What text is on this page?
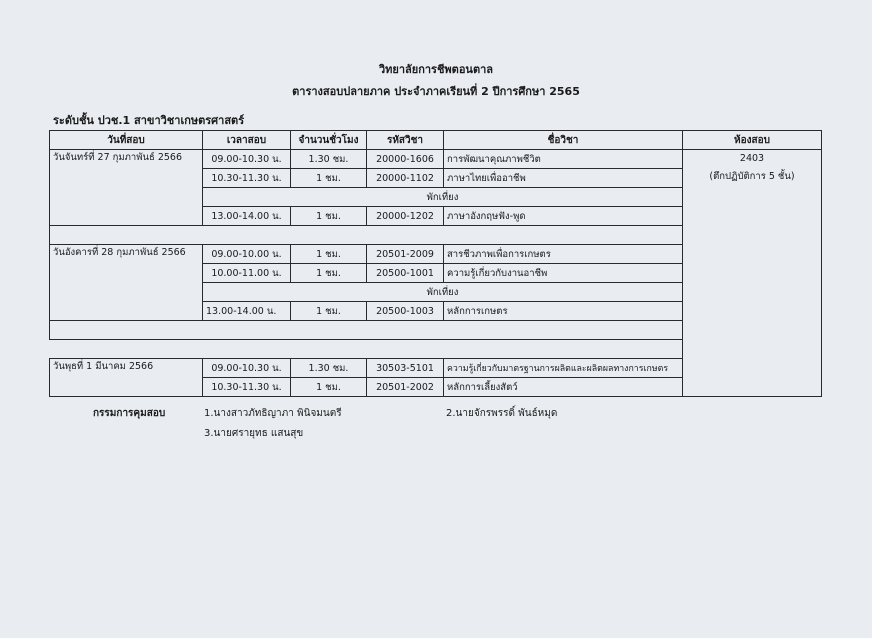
วิทยาลัยการชีพตอนตาล
ตารางสอบปลายภาค ประจำภาคเรียนที่ 2 ปีการศึกษา 2565
ระดับชั้น ปวช.1 สาขาวิชาเกษตรศาสตร์
วันที่สอบ	เวลาสอบ	จำนวนชั่วโมง	รหัสวิชา	ชื่อวิชา	ห้องสอบ
วันจันทร์ที่ 27 กุมภาพันธ์ 2566	09.00-10.30 น.	1.30 ชม.	20000-1606	การพัฒนาคุณภาพชีวิต	2403
(ตึกปฏิบัติการ 5 ชั้น)

	10.30-11.30 น.	1 ชม.	20000-1102	ภาษาไทยเพื่ออาชีพ	
	พักเที่ยง				
	13.00-14.00 น.	1 ชม.	20000-1202	ภาษาอังกฤษฟัง-พูด	

วันอังคารที่ 28 กุมภาพันธ์ 2566	09.00-10.00 น.	1 ชม.	20501-2009	สารชีวภาพเพื่อการเกษตร	
	10.00-11.00 น.	1 ชม.	20500-1001	ความรู้เกี่ยวกับงานอาชีพ	
	พักเที่ยง				
	13.00-14.00 น.	1 ชม.	20500-1003	หลักการเกษตร	

วันพุธที่ 1 มีนาคม 2566	09.00-10.30 น.	1.30 ชม.	30503-5101	ความรู้เกี่ยวกับมาตรฐานการผลิตและผลิตผลทางการเกษตร	
	10.30-11.30 น.	1 ชม.	20501-2002	หลักการเลี้ยงสัตว์	
กรรมการคุมสอบ	1.นางสาวภัทธิญาภา พินิจมนตรี	2.นายจักรพรรดิ์ พันธ์หมุด
3.นายศรายุทธ แสนสุข
